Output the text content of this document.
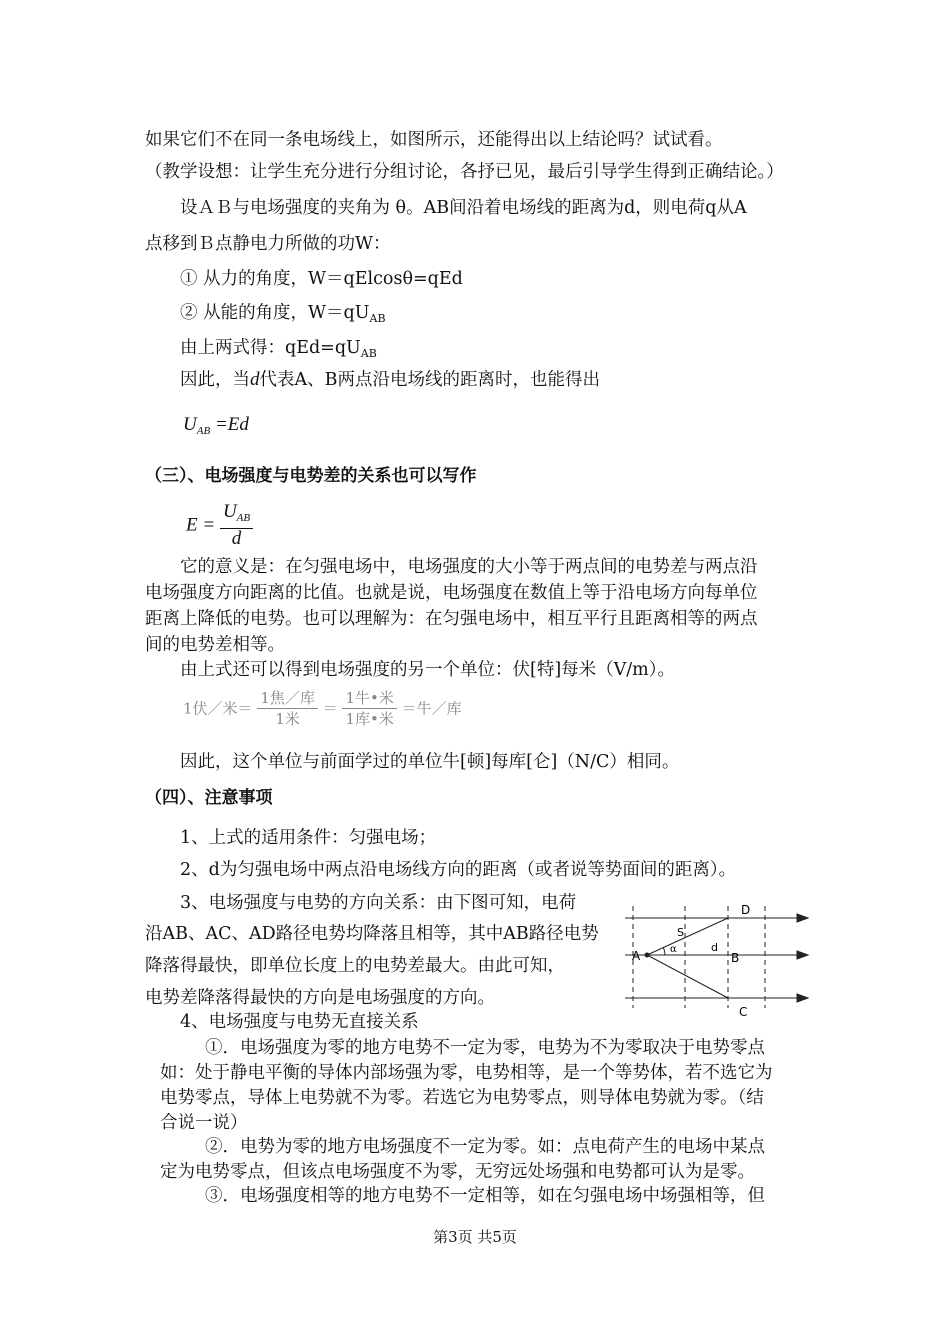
如果它们不在同一条电场线上，如图所示，还能得出以上结论吗？试试看。
（教学设想：让学生充分进行分组讨论，各抒已见，最后引导学生得到正确结论。）
设ＡＢ与电场强度的夹角为 θ。AB间沿着电场线的距离为d，则电荷q从A
点移到Ｂ点静电力所做的功W：
① 从力的角度，W＝qElcosθ=qEd
② 从能的角度，$W=qU_{AB}$
由上两式得：$qEd=qU_{AB}$
因此，当d代表A、B两点沿电场线的距离时，也能得出
$U_{AB} =Ed$
（三）、电场强度与电势差的关系也可以写作
$E = \frac{U_{AB}}{d}$
它的意义是：在匀强电场中，电场强度的大小等于两点间的电势差与两点沿
电场强度方向距离的比值。也就是说，电场强度在数值上等于沿电场方向每单位
距离上降低的电势。也可以理解为：在匀强电场中，相互平行且距离相等的两点
间的电势差相等。
由上式还可以得到电场强度的另一个单位：伏[特]每米（V/m）。
1伏／米＝ $\frac{\text{1焦／库}}{\text{1米}} = \frac{\text{1牛•米}}{\text{1库•米}}$ ＝牛／库
因此，这个单位与前面学过的单位牛[顿]每库[仑]（N/C）相同。
（四）、注意事项
1、上式的适用条件：匀强电场；
2、d为匀强电场中两点沿电场线方向的距离（或者说等势面间的距离）。
3、电场强度与电势的方向关系：由下图可知，电荷
沿AB、AC、AD路径电势均降落且相等，其中AB路径电势
降落得最快，即单位长度上的电势差最大。由此可知，
电势差降落得最快的方向是电场强度的方向。
4、电场强度与电势无直接关系
①．电场强度为零的地方电势不一定为零，电势为不为零取决于电势零点
如：处于静电平衡的导体内部场强为零，电势相等，是一个等势体，若不选它为
电势零点，导体上电势就不为零。若选它为电势零点，则导体电势就为零。（结
合说一说）
②．电势为零的地方电场强度不一定为零。如：点电荷产生的电场中某点
定为电势零点，但该点电场强度不为零，无穷远处场强和电势都可认为是零。
③．电场强度相等的地方电势不一定相等，如在匀强电场中场强相等，但
A	B
C
D
S
α	d
第3页 共5页
